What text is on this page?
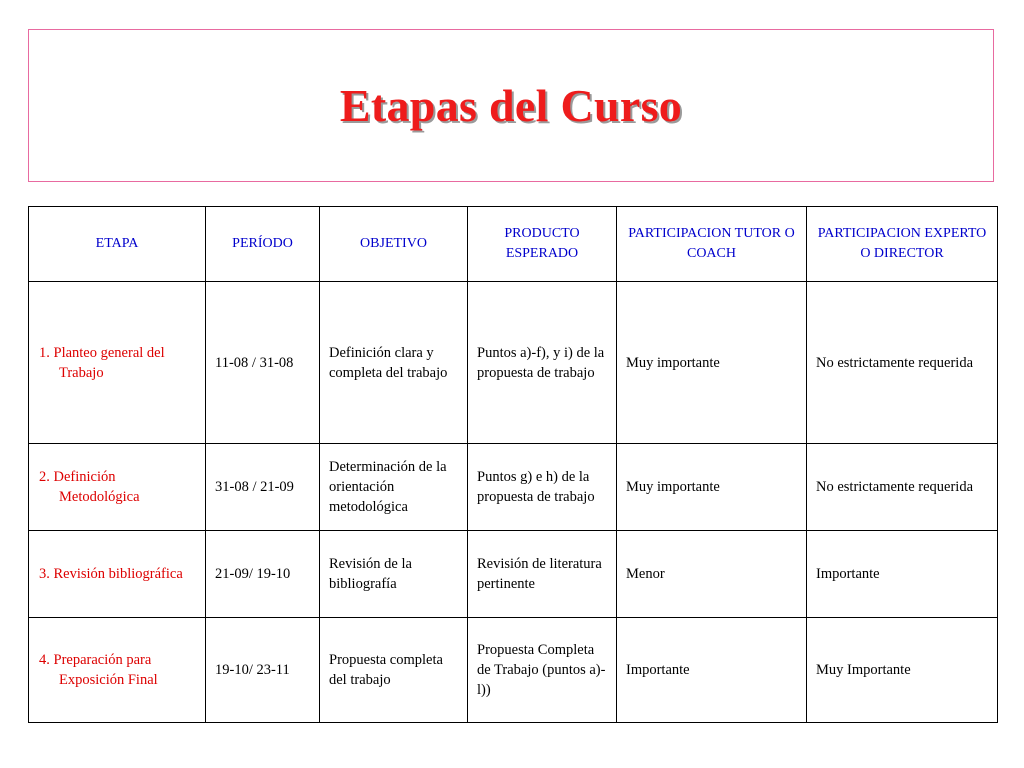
Etapas del Curso
ETAPA	PERÍODO	OBJETIVO	PRODUCTO ESPERADO	PARTICIPACION TUTOR O COACH	PARTICIPACION EXPERTO O DIRECTOR

1. Planteo general del Trabajo	11-08 / 31-08	Definición clara y completa del trabajo	Puntos a)-f), y i) de la propuesta de trabajo	Muy importante	No estrictamente requerida

2. Definición Metodológica	31-08 / 21-09	Determinación de la orientación metodológica	Puntos g) e h) de la propuesta de trabajo	Muy importante	No estrictamente requerida

3. Revisión bibliográfica	21-09/ 19-10	Revisión de la bibliografía	Revisión de literatura pertinente	Menor	Importante

4. Preparación para Exposición Final	19-10/ 23-11	Propuesta completa del trabajo	Propuesta Completa de Trabajo (puntos a)-l))	Importante	Muy Importante
